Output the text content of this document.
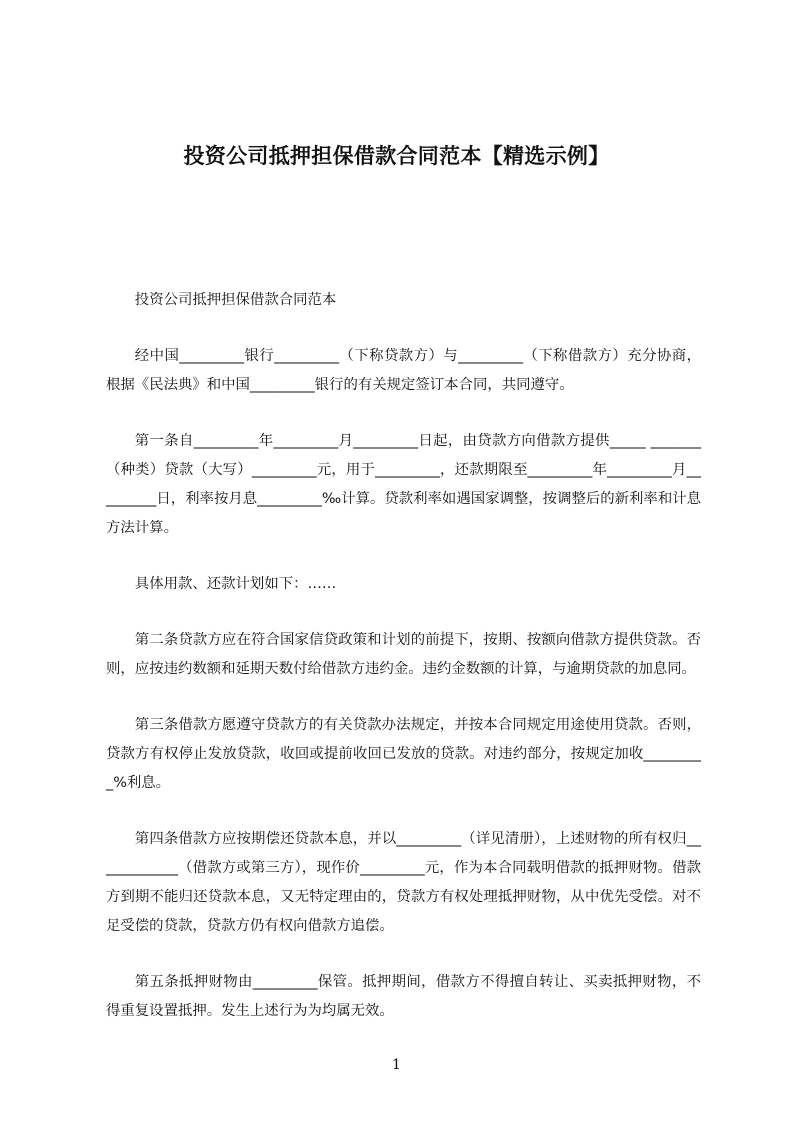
投资公司抵押担保借款合同范本【精选示例】

投资公司抵押担保借款合同范本

经中国_________银行_________（下称贷款方）与_________（下称借款方）充分协商，根据《民法典》和中国_________银行的有关规定签订本合同，共同遵守。

第一条自_________年_________月_________日起，由贷款方向借款方提供_____ _______（种类）贷款（大写）_________元，用于_________，还款期限至_________年_________月_________日，利率按月息_________‰计算。贷款利率如遇国家调整，按调整后的新利率和计息方法计算。

具体用款、还款计划如下：……

第二条贷款方应在符合国家信贷政策和计划的前提下，按期、按额向借款方提供贷款。否则，应按违约数额和延期天数付给借款方违约金。违约金数额的计算，与逾期贷款的加息同。

第三条借款方愿遵守贷款方的有关贷款办法规定，并按本合同规定用途使用贷款。否则，贷款方有权停止发放贷款，收回或提前收回已发放的贷款。对违约部分，按规定加收_________%利息。

第四条借款方应按期偿还贷款本息，并以_________（详见清册），上述财物的所有权归____________（借款方或第三方），现作价_________元，作为本合同载明借款的抵押财物。借款方到期不能归还贷款本息，又无特定理由的，贷款方有权处理抵押财物，从中优先受偿。对不足受偿的贷款，贷款方仍有权向借款方追偿。

第五条抵押财物由_________保管。抵押期间，借款方不得擅自转让、买卖抵押财物，不得重复设置抵押。发生上述行为为均属无效。

1
